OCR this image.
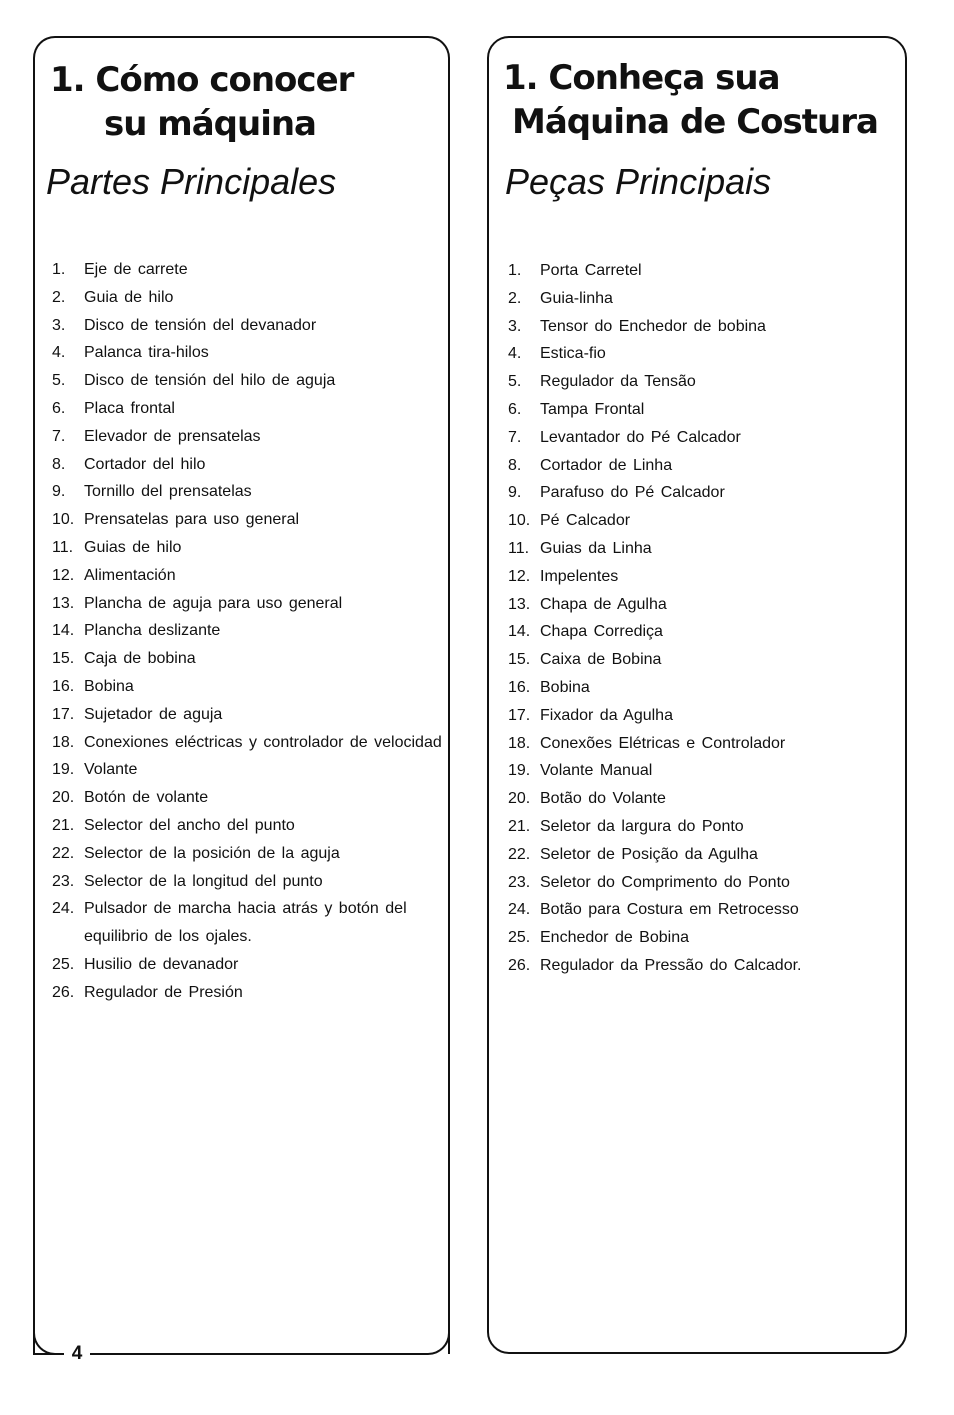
4
1. Cómo conocer
su máquina
Partes Principales
1.	Eje de carrete
2.	Guia de hilo
3.	Disco de tensión del devanador
4.	Palanca tira-hilos
5.	Disco de tensión del hilo de aguja
6.	Placa frontal
7.	Elevador de prensatelas
8.	Cortador del hilo
9.	Tornillo del prensatelas
10. Prensatelas para uso general
11. Guias de hilo
12. Alimentación
13. Plancha de aguja para uso general
14. Plancha deslizante
15. Caja de bobina
16. Bobina
17. Sujetador de aguja
18. Conexiones eléctricas y controlador de velocidad
19. Volante
20. Botón de volante
21. Selector del ancho del punto
22. Selector de la posición de la aguja
23. Selector de la longitud del punto
24. Pulsador de marcha hacia atrás y botón del equilibrio de los ojales.
25. Husilio de devanador
26. Regulador de Presión
1. Conheça sua
Máquina de Costura
Peças Principais
1.	Porta Carretel
2.	Guia-linha
3.	Tensor do Enchedor de bobina
4.	Estica-fio
5.	Regulador da Tensão
6.	Tampa Frontal
7.	Levantador do Pé Calcador
8.	Cortador de Linha
9.	Parafuso do Pé Calcador
10. Pé Calcador
11. Guias da Linha
12. Impelentes
13. Chapa de Agulha
14. Chapa Corrediça
15. Caixa de Bobina
16. Bobina
17. Fixador da Agulha
18. Conexões Elétricas e Controlador
19. Volante Manual
20. Botão do Volante
21. Seletor da largura do Ponto
22. Seletor de Posição da Agulha
23. Seletor do Comprimento do Ponto
24. Botão para Costura em Retrocesso
25. Enchedor de Bobina
26. Regulador da Pressão do Calcador.
